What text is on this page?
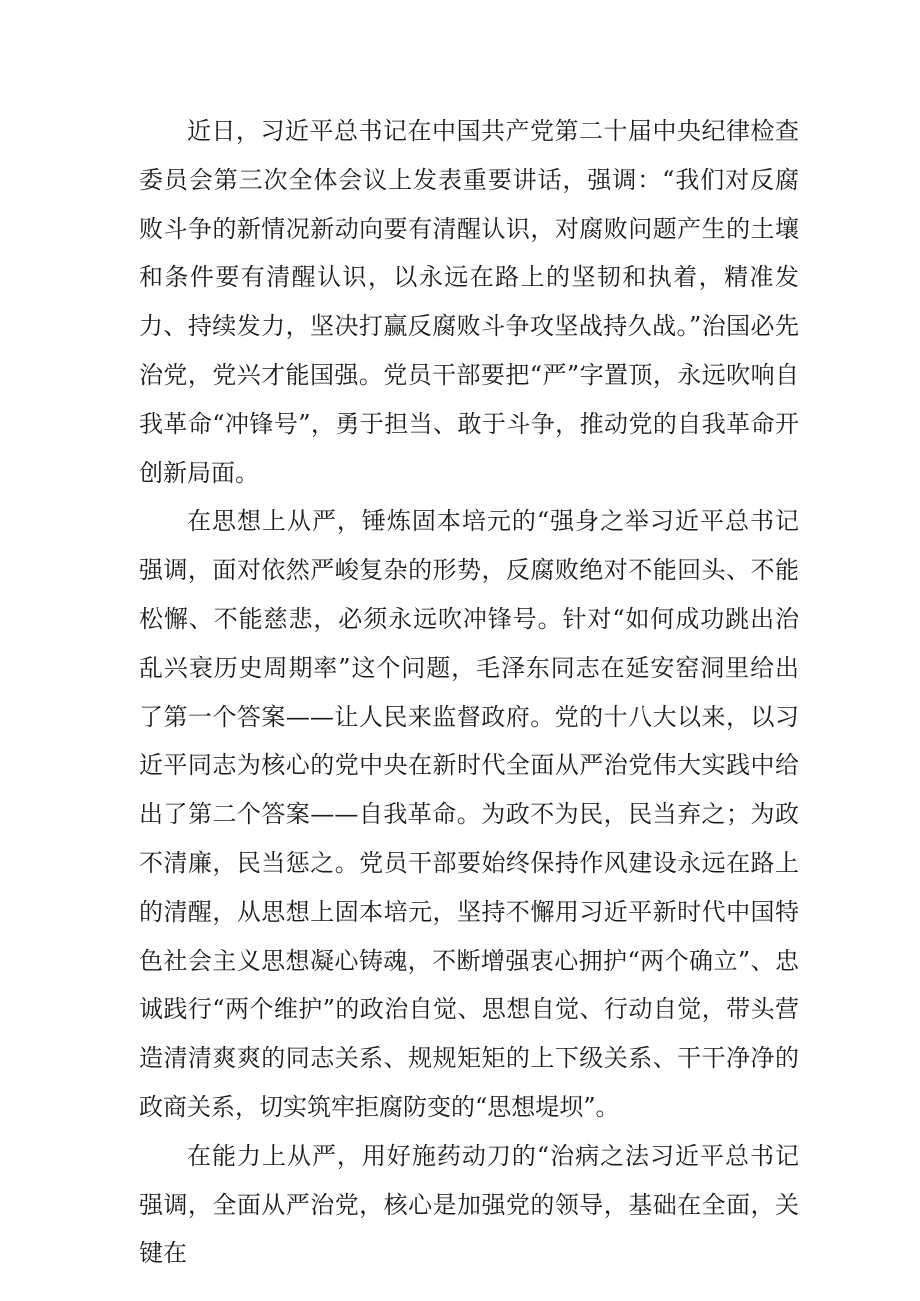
近日，习近平总书记在中国共产党第二十届中央纪律检查委员会第三次全体会议上发表重要讲话，强调：“我们对反腐败斗争的新情况新动向要有清醒认识，对腐败问题产生的土壤和条件要有清醒认识，以永远在路上的坚韧和执着，精准发力、持续发力，坚决打赢反腐败斗争攻坚战持久战。”治国必先治党，党兴才能国强。党员干部要把“严”字置顶，永远吹响自我革命“冲锋号”，勇于担当、敢于斗争，推动党的自我革命开创新局面。

在思想上从严，锤炼固本培元的“强身之举习近平总书记强调，面对依然严峻复杂的形势，反腐败绝对不能回头、不能松懈、不能慈悲，必须永远吹冲锋号。针对“如何成功跳出治乱兴衰历史周期率”这个问题，毛泽东同志在延安窑洞里给出了第一个答案——让人民来监督政府。党的十八大以来，以习近平同志为核心的党中央在新时代全面从严治党伟大实践中给出了第二个答案——自我革命。为政不为民，民当弃之；为政不清廉，民当惩之。党员干部要始终保持作风建设永远在路上的清醒，从思想上固本培元，坚持不懈用习近平新时代中国特色社会主义思想凝心铸魂，不断增强衷心拥护“两个确立”、忠诚践行“两个维护”的政治自觉、思想自觉、行动自觉，带头营造清清爽爽的同志关系、规规矩矩的上下级关系、干干净净的政商关系，切实筑牢拒腐防变的“思想堤坝”。

在能力上从严，用好施药动刀的“治病之法习近平总书记强调，全面从严治党，核心是加强党的领导，基础在全面，关键在
